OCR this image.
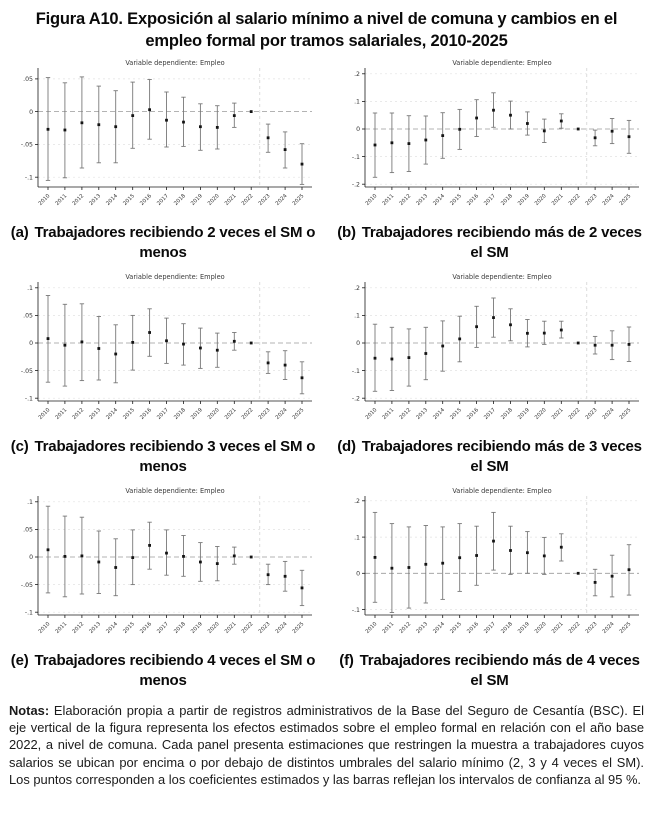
Figura A10. Exposición al salario mínimo a nivel de comuna y cambios en el empleo formal por tramos salariales, 2010-2025
.05
0
-.05
-.1
2010 2011 2012 2013 2014 2015 2016 2017 2018 2019 2020 2021 2022 2023 2024 2025
Variable dependiente: Empleo
(a) Trabajadores recibiendo 2 veces el SM o menos
.2
.1
0
-.1
-.2
2010 2011 2012 2013 2014 2015 2016 2017 2018 2019 2020 2021 2022 2023 2024 2025
Variable dependiente: Empleo
(b) Trabajadores recibiendo más de 2 veces el SM
.1
.05
0
-.05
-.1
2010 2011 2012 2013 2014 2015 2016 2017 2018 2019 2020 2021 2022 2023 2024 2025
Variable dependiente: Empleo
(c) Trabajadores recibiendo 3 veces el SM o menos
.2
.1
0
-.1
-.2
2010 2011 2012 2013 2014 2015 2016 2017 2018 2019 2020 2021 2022 2023 2024 2025
Variable dependiente: Empleo
(d) Trabajadores recibiendo más de 3 veces el SM
.1
.05
0
-.05
-.1
2010 2011 2012 2013 2014 2015 2016 2017 2018 2019 2020 2021 2022 2023 2024 2025
Variable dependiente: Empleo
(e) Trabajadores recibiendo 4 veces el SM o menos
.2
.1
0
-.1
2010 2011 2012 2013 2014 2015 2016 2017 2018 2019 2020 2021 2022 2023 2024 2025
Variable dependiente: Empleo
(f) Trabajadores recibiendo más de 4 veces el SM

Notas: Elaboración propia a partir de registros administrativos de la Base del Seguro de Cesantía (BSC). El eje vertical de la figura representa los efectos estimados sobre el empleo formal en relación con el año base 2022, a nivel de comuna. Cada panel presenta estimaciones que restringen la muestra a trabajadores cuyos salarios se ubican por encima o por debajo de distintos umbrales del salario mínimo (2, 3 y 4 veces el SM). Los puntos corresponden a los coeficientes estimados y las barras reflejan los intervalos de confianza al 95 %.
